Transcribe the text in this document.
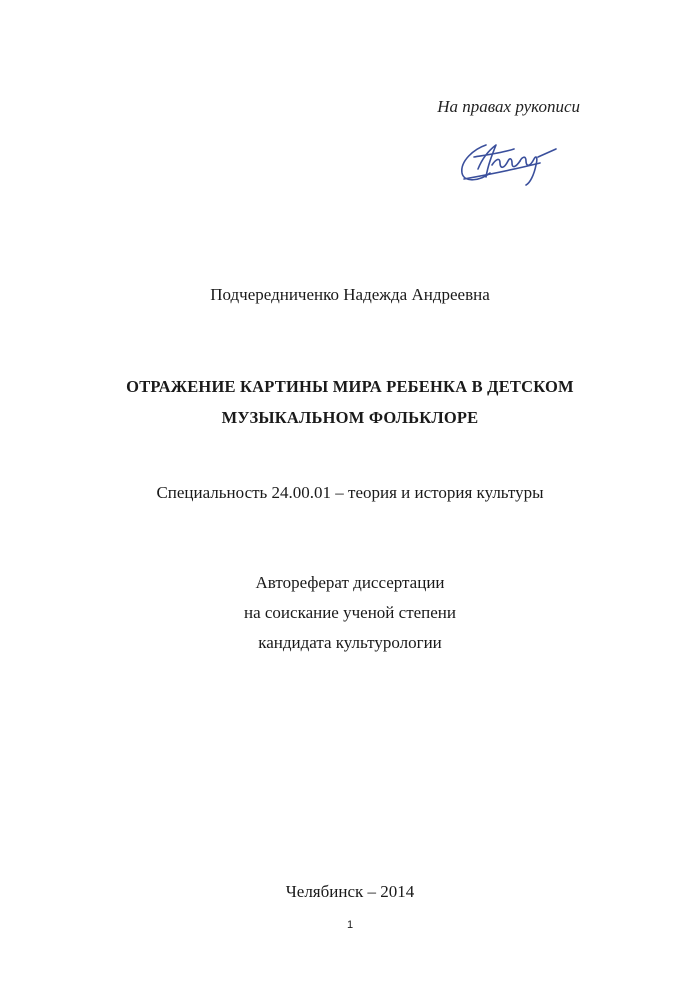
На правах рукописи
Подчередниченко Надежда Андреевна
ОТРАЖЕНИЕ КАРТИНЫ МИРА РЕБЕНКА В ДЕТСКОМ
МУЗЫКАЛЬНОМ ФОЛЬКЛОРЕ
Специальность 24.00.01 – теория и история культуры
Автореферат диссертации
на соискание ученой степени
кандидата культурологии
Челябинск – 2014
1
